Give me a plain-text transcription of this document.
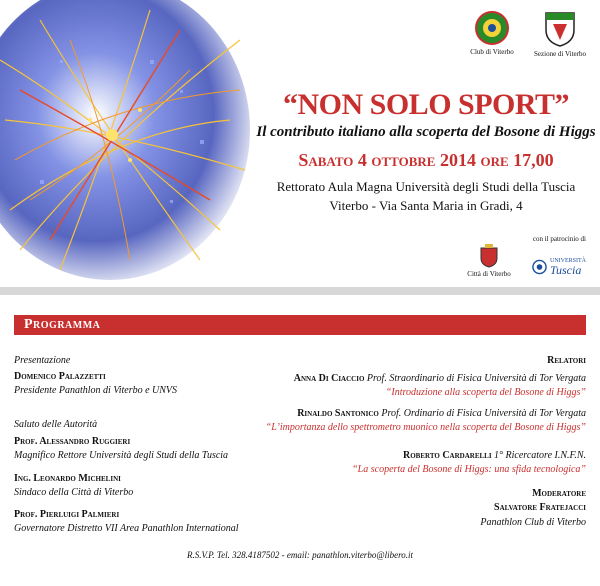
Club di Viterbo	Sezione di Viterbo
“NON SOLO SPORT”
Il contributo italiano alla scoperta del Bosone di Higgs
Sabato 4 ottobre 2014 ore 17,00
Rettorato Aula Magna Università degli Studi della Tuscia
Viterbo - Via Santa Maria in Gradi, 4
con il patrocinio di
Città di Viterbo
UNIVERSITÀ
Tuscia
Programma
Presentazione
Domenico Palazzetti
Presidente Panathlon di Viterbo e UNVS
Saluto delle Autorità
Prof. Alessandro Ruggieri
Magnifico Rettore Università degli Studi della Tuscia
Ing. Leonardo Michelini
Sindaco della Città di Viterbo
Prof. Pierluigi Palmieri
Governatore Distretto VII Area Panathlon International
Relatori
Anna Di Ciaccio Prof. Straordinario di Fisica Università di Tor Vergata
“Introduzione alla scoperta del Bosone di Higgs”
Rinaldo Santonico Prof. Ordinario di Fisica Università di Tor Vergata
“L’importanza dello spettrometro muonico nella scoperta del Bosone di Higgs”
Roberto Cardarelli 1° Ricercatore I.N.F.N.
“La scoperta del Bosone di Higgs: una sfida tecnologica”
Moderatore
Salvatore Fratejacci
Panathlon Club di Viterbo
R.S.V.P. Tel. 328.4187502 - email: panathlon.viterbo@libero.it
